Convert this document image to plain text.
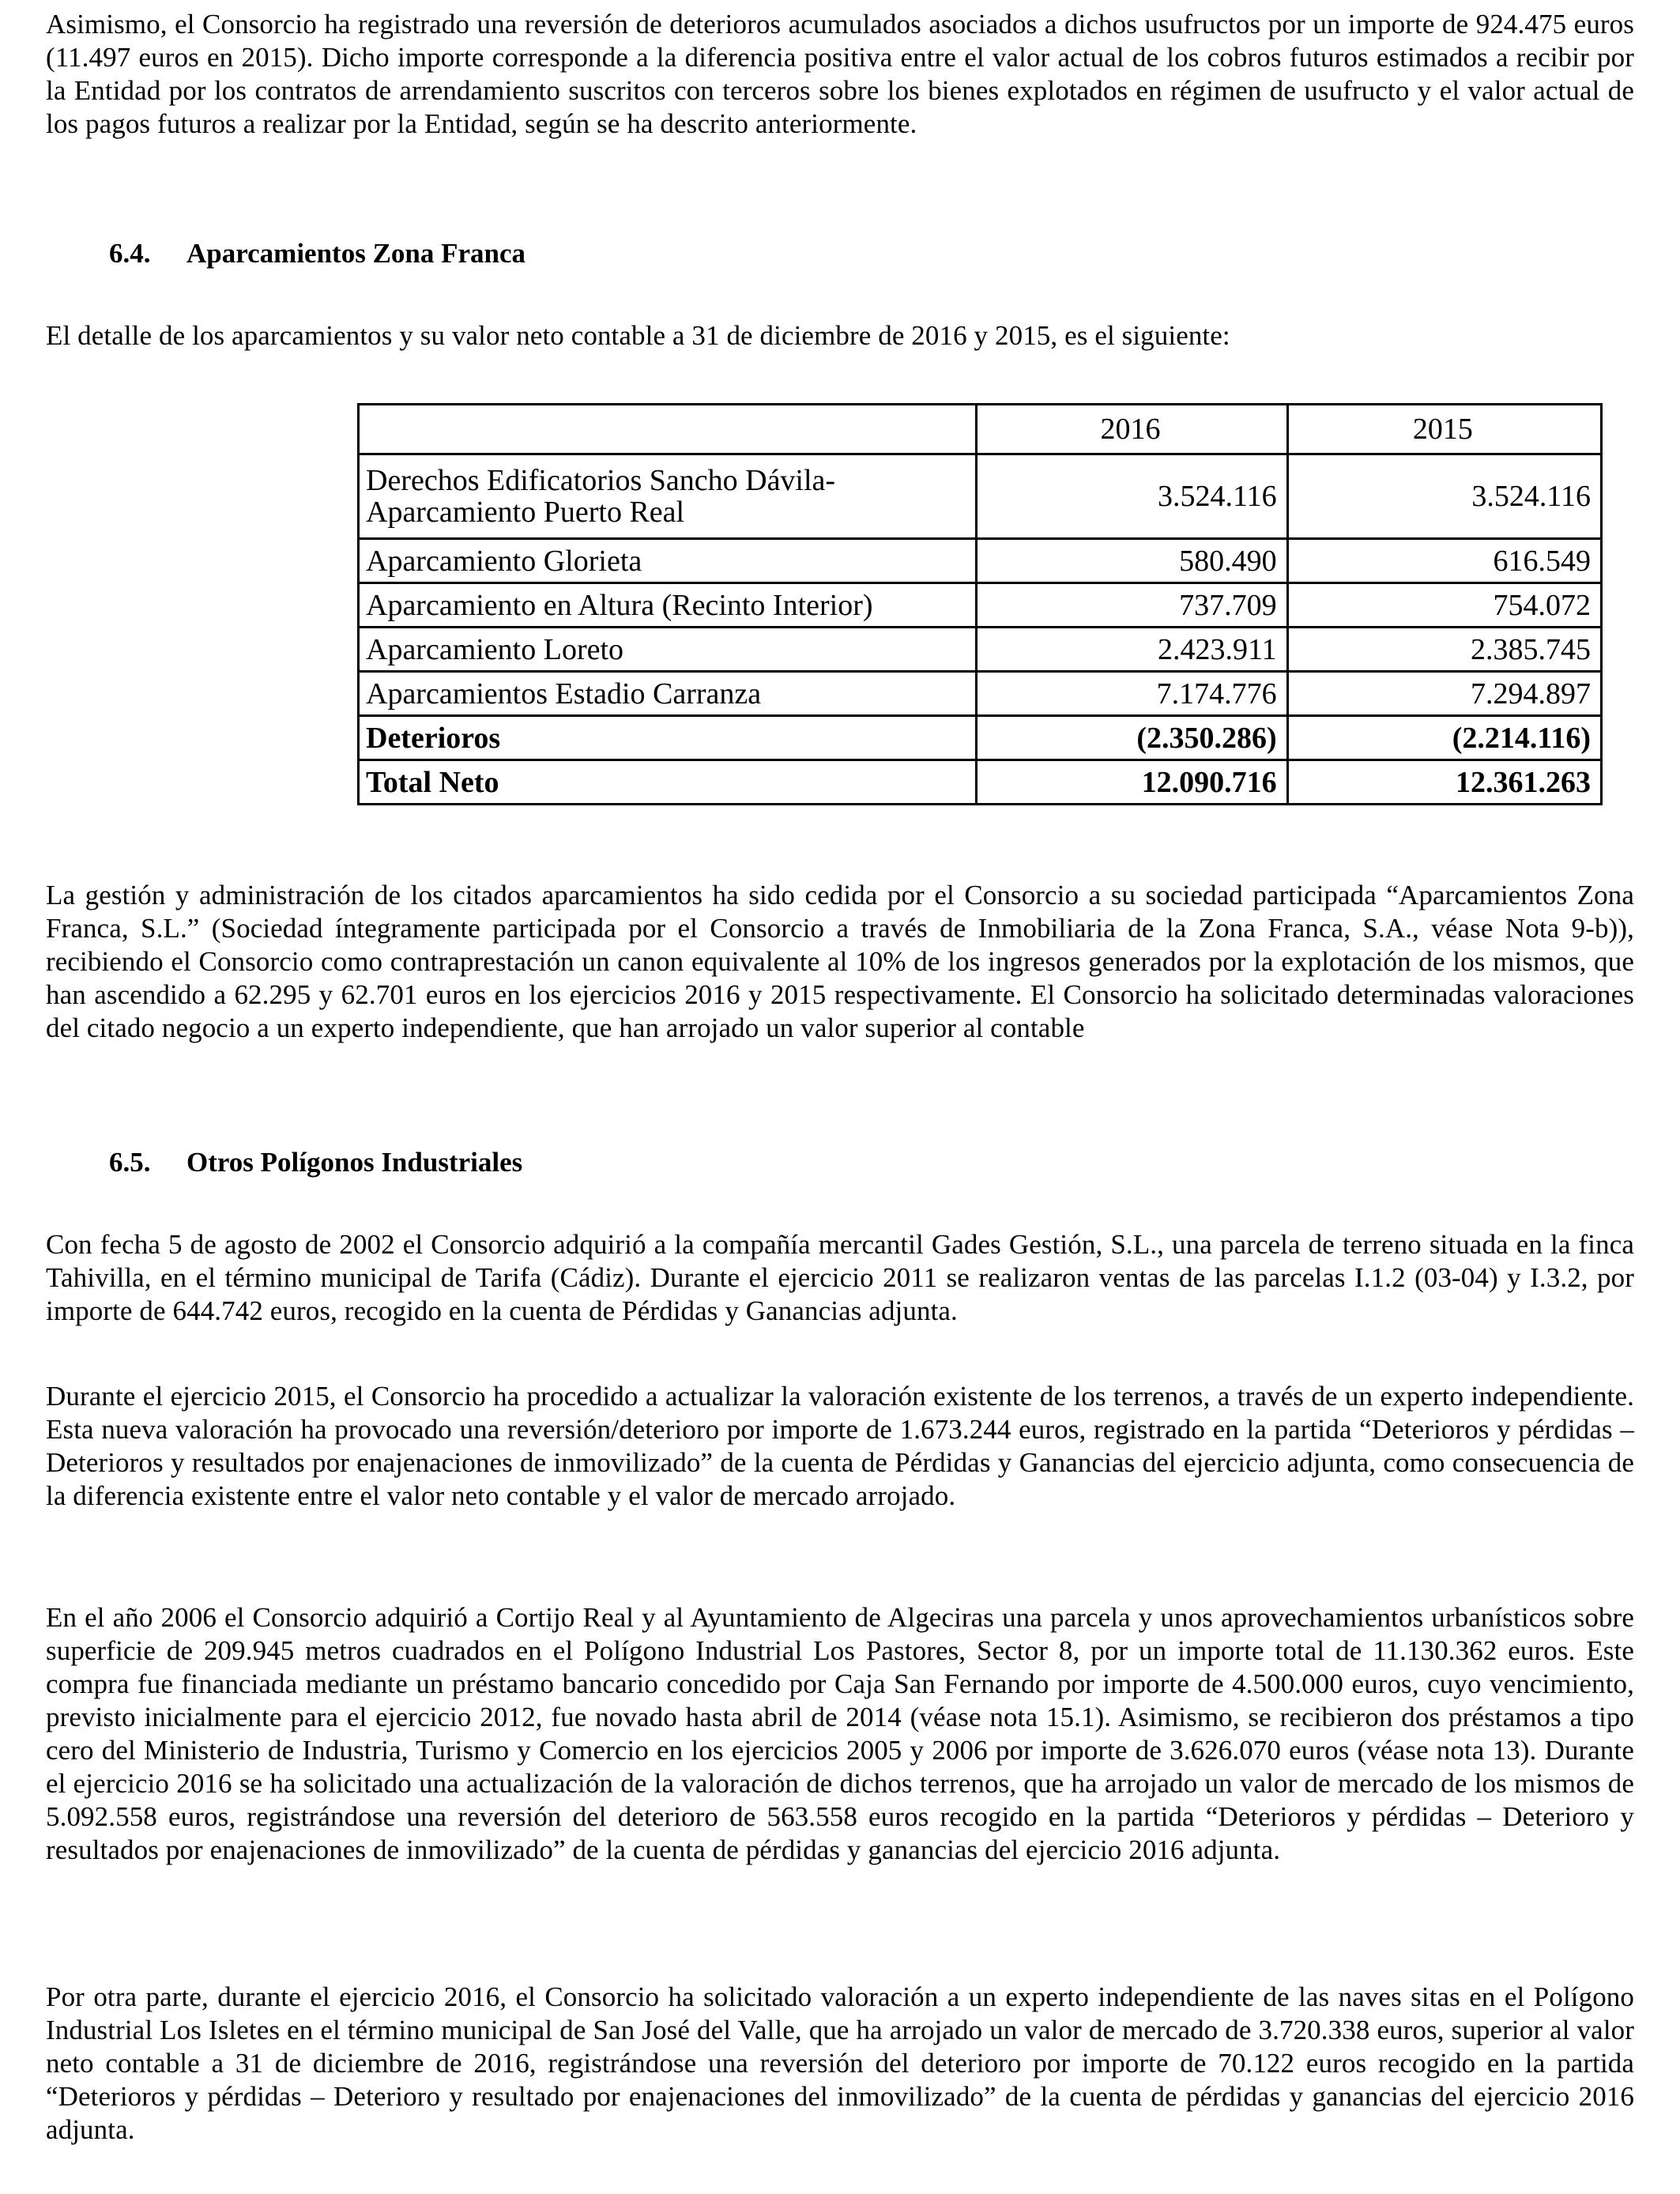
Asimismo, el Consorcio ha registrado una reversión de deterioros acumulados asociados a dichos usufructos por un importe de 924.475 euros (11.497 euros en 2015). Dicho importe corresponde a la diferencia positiva entre el valor actual de los cobros futuros estimados a recibir por la Entidad por los contratos de arrendamiento suscritos con terceros sobre los bienes explotados en régimen de usufructo y el valor actual de los pagos futuros a realizar por la Entidad, según se ha descrito anteriormente.

6.4.	Aparcamientos Zona Franca

El detalle de los aparcamientos y su valor neto contable a 31 de diciembre de 2016 y 2015, es el siguiente:

	2016	2015

Derechos Edificatorios Sancho Dávila-
Aparcamiento Puerto Real	3.524.116	3.524.116
Aparcamiento Glorieta	580.490	616.549
Aparcamiento en Altura (Recinto Interior)	737.709	754.072
Aparcamiento Loreto	2.423.911	2.385.745
Aparcamientos Estadio Carranza	7.174.776	7.294.897
Deterioros	(2.350.286)	(2.214.116)
Total Neto	12.090.716	12.361.263

La gestión y administración de los citados aparcamientos ha sido cedida por el Consorcio a su sociedad participada “Aparcamientos Zona Franca, S.L.” (Sociedad íntegramente participada por el Consorcio a través de Inmobiliaria de la Zona Franca, S.A., véase Nota 9-b)), recibiendo el Consorcio como contraprestación un canon equivalente al 10% de los ingresos generados por la explotación de los mismos, que han ascendido a 62.295 y 62.701 euros en los ejercicios 2016 y 2015 respectivamente. El Consorcio ha solicitado determinadas valoraciones del citado negocio a un experto independiente, que han arrojado un valor superior al contable

6.5.	Otros Polígonos Industriales

Con fecha 5 de agosto de 2002 el Consorcio adquirió a la compañía mercantil Gades Gestión, S.L., una parcela de terreno situada en la finca Tahivilla, en el término municipal de Tarifa (Cádiz). Durante el ejercicio 2011 se realizaron ventas de las parcelas I.1.2 (03-04) y I.3.2, por importe de 644.742 euros, recogido en la cuenta de Pérdidas y Ganancias adjunta.

Durante el ejercicio 2015, el Consorcio ha procedido a actualizar la valoración existente de los terrenos, a través de un experto independiente. Esta nueva valoración ha provocado una reversión/deterioro por importe de 1.673.244 euros, registrado en la partida “Deterioros y pérdidas – Deterioros y resultados por enajenaciones de inmovilizado” de la cuenta de Pérdidas y Ganancias del ejercicio adjunta, como consecuencia de la diferencia existente entre el valor neto contable y el valor de mercado arrojado.

En el año 2006 el Consorcio adquirió a Cortijo Real y al Ayuntamiento de Algeciras una parcela y unos aprovechamientos urbanísticos sobre superficie de 209.945 metros cuadrados en el Polígono Industrial Los Pastores, Sector 8, por un importe total de 11.130.362 euros. Este compra fue financiada mediante un préstamo bancario concedido por Caja San Fernando por importe de 4.500.000 euros, cuyo vencimiento, previsto inicialmente para el ejercicio 2012, fue novado hasta abril de 2014 (véase nota 15.1). Asimismo, se recibieron dos préstamos a tipo cero del Ministerio de Industria, Turismo y Comercio en los ejercicios 2005 y 2006 por importe de 3.626.070 euros (véase nota 13). Durante el ejercicio 2016 se ha solicitado una actualización de la valoración de dichos terrenos, que ha arrojado un valor de mercado de los mismos de 5.092.558 euros, registrándose una reversión del deterioro de 563.558 euros recogido en la partida “Deterioros y pérdidas – Deterioro y resultados por enajenaciones de inmovilizado” de la cuenta de pérdidas y ganancias del ejercicio 2016 adjunta.

Por otra parte, durante el ejercicio 2016, el Consorcio ha solicitado valoración a un experto independiente de las naves sitas en el Polígono Industrial Los Isletes en el término municipal de San José del Valle, que ha arrojado un valor de mercado de 3.720.338 euros, superior al valor neto contable a 31 de diciembre de 2016, registrándose una reversión del deterioro por importe de 70.122 euros recogido en la partida “Deterioros y pérdidas – Deterioro y resultado por enajenaciones del inmovilizado” de la cuenta de pérdidas y ganancias del ejercicio 2016 adjunta.
